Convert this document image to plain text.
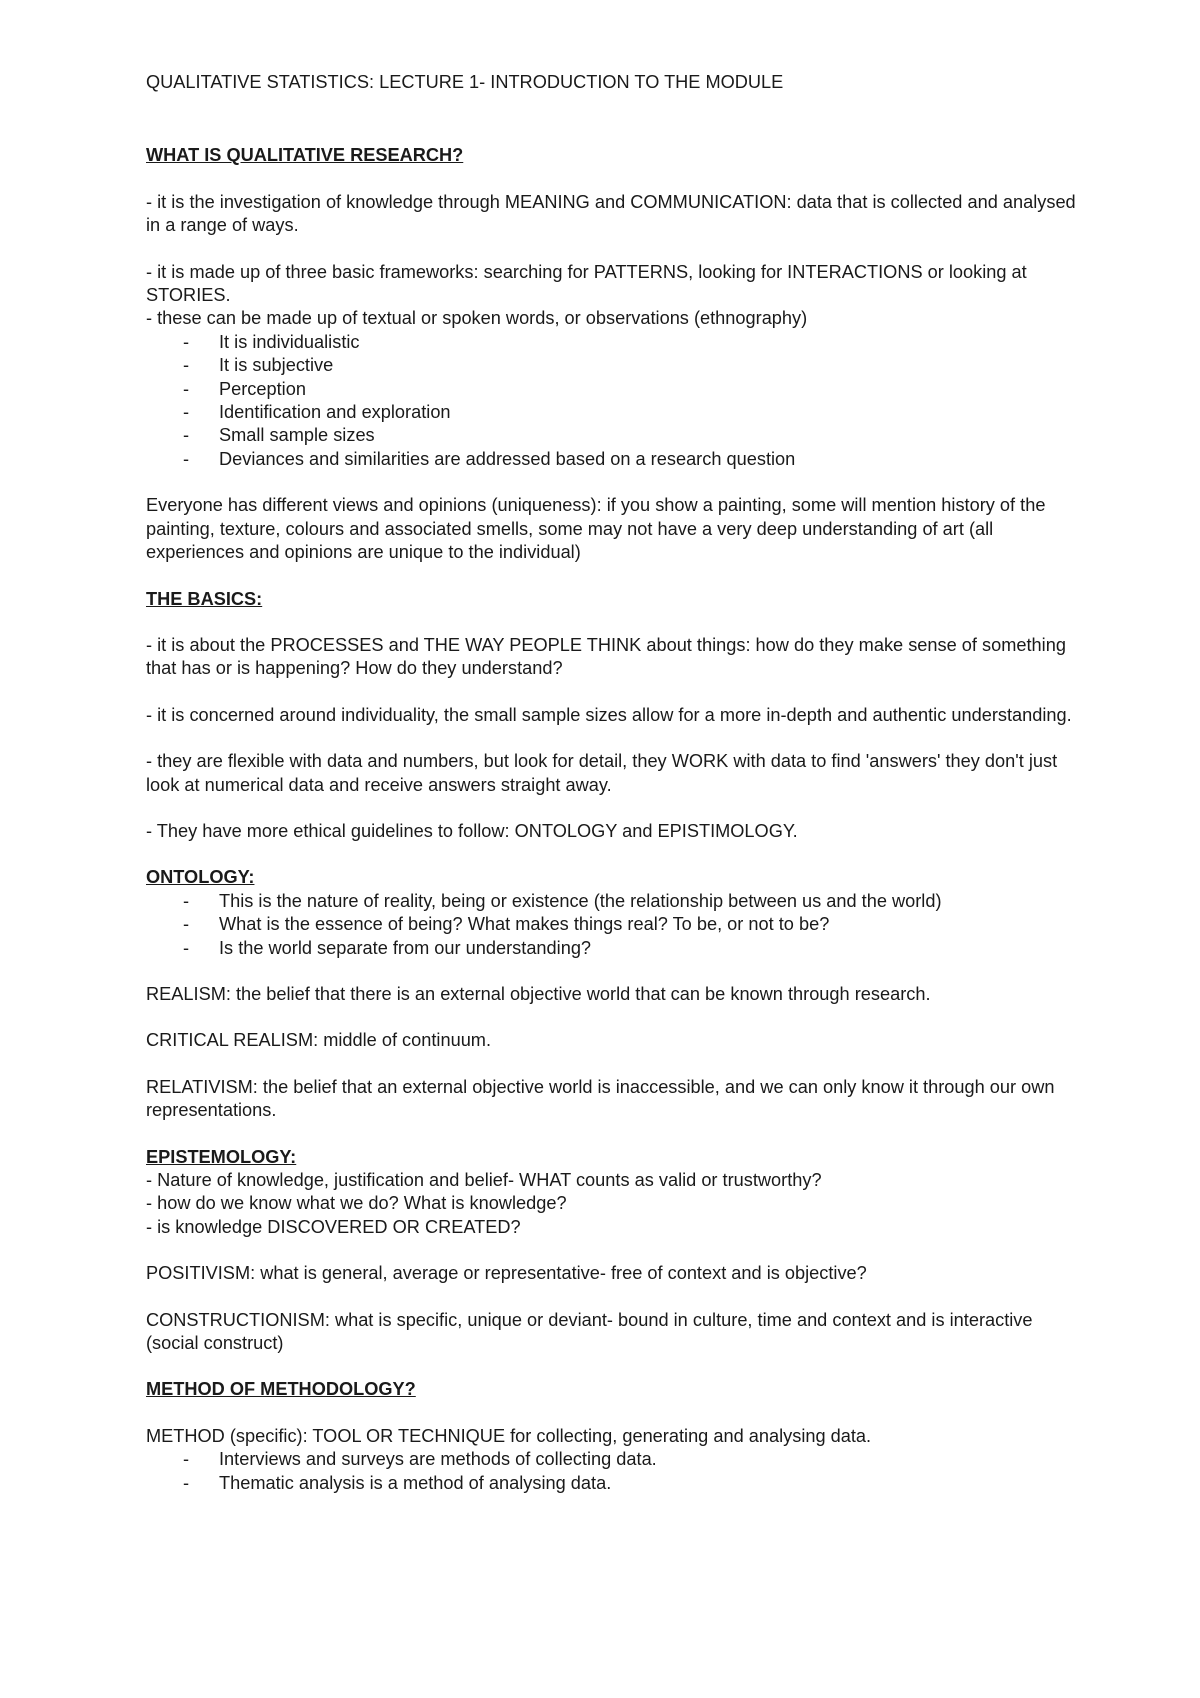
QUALITATIVE STATISTICS: LECTURE 1- INTRODUCTION TO THE MODULE

WHAT IS QUALITATIVE RESEARCH?

- it is the investigation of knowledge through MEANING and COMMUNICATION: data that is collected and analysed in a range of ways.

- it is made up of three basic frameworks: searching for PATTERNS, looking for INTERACTIONS or looking at STORIES.

- these can be made up of textual or spoken words, or observations (ethnography)

- It is individualistic
- It is subjective
- Perception
- Identification and exploration
- Small sample sizes
- Deviances and similarities are addressed based on a research question

Everyone has different views and opinions (uniqueness): if you show a painting, some will mention history of the painting, texture, colours and associated smells, some may not have a very deep understanding of art (all experiences and opinions are unique to the individual)

THE BASICS:

- it is about the PROCESSES and THE WAY PEOPLE THINK about things: how do they make sense of something that has or is happening? How do they understand?

- it is concerned around individuality, the small sample sizes allow for a more in-depth and authentic understanding.

- they are flexible with data and numbers, but look for detail, they WORK with data to find 'answers' they don't just look at numerical data and receive answers straight away.

- They have more ethical guidelines to follow: ONTOLOGY and EPISTIMOLOGY.

ONTOLOGY:

- This is the nature of reality, being or existence (the relationship between us and the world)
- What is the essence of being? What makes things real? To be, or not to be?
- Is the world separate from our understanding?

REALISM: the belief that there is an external objective world that can be known through research.

CRITICAL REALISM: middle of continuum.

RELATIVISM: the belief that an external objective world is inaccessible, and we can only know it through our own representations.

EPISTEMOLOGY:

- Nature of knowledge, justification and belief- WHAT counts as valid or trustworthy?

- how do we know what we do? What is knowledge?

- is knowledge DISCOVERED OR CREATED?

POSITIVISM: what is general, average or representative- free of context and is objective?

CONSTRUCTIONISM: what is specific, unique or deviant- bound in culture, time and context and is interactive (social construct)

METHOD OF METHODOLOGY?

METHOD (specific): TOOL OR TECHNIQUE for collecting, generating and analysing data.

- Interviews and surveys are methods of collecting data.
- Thematic analysis is a method of analysing data.
